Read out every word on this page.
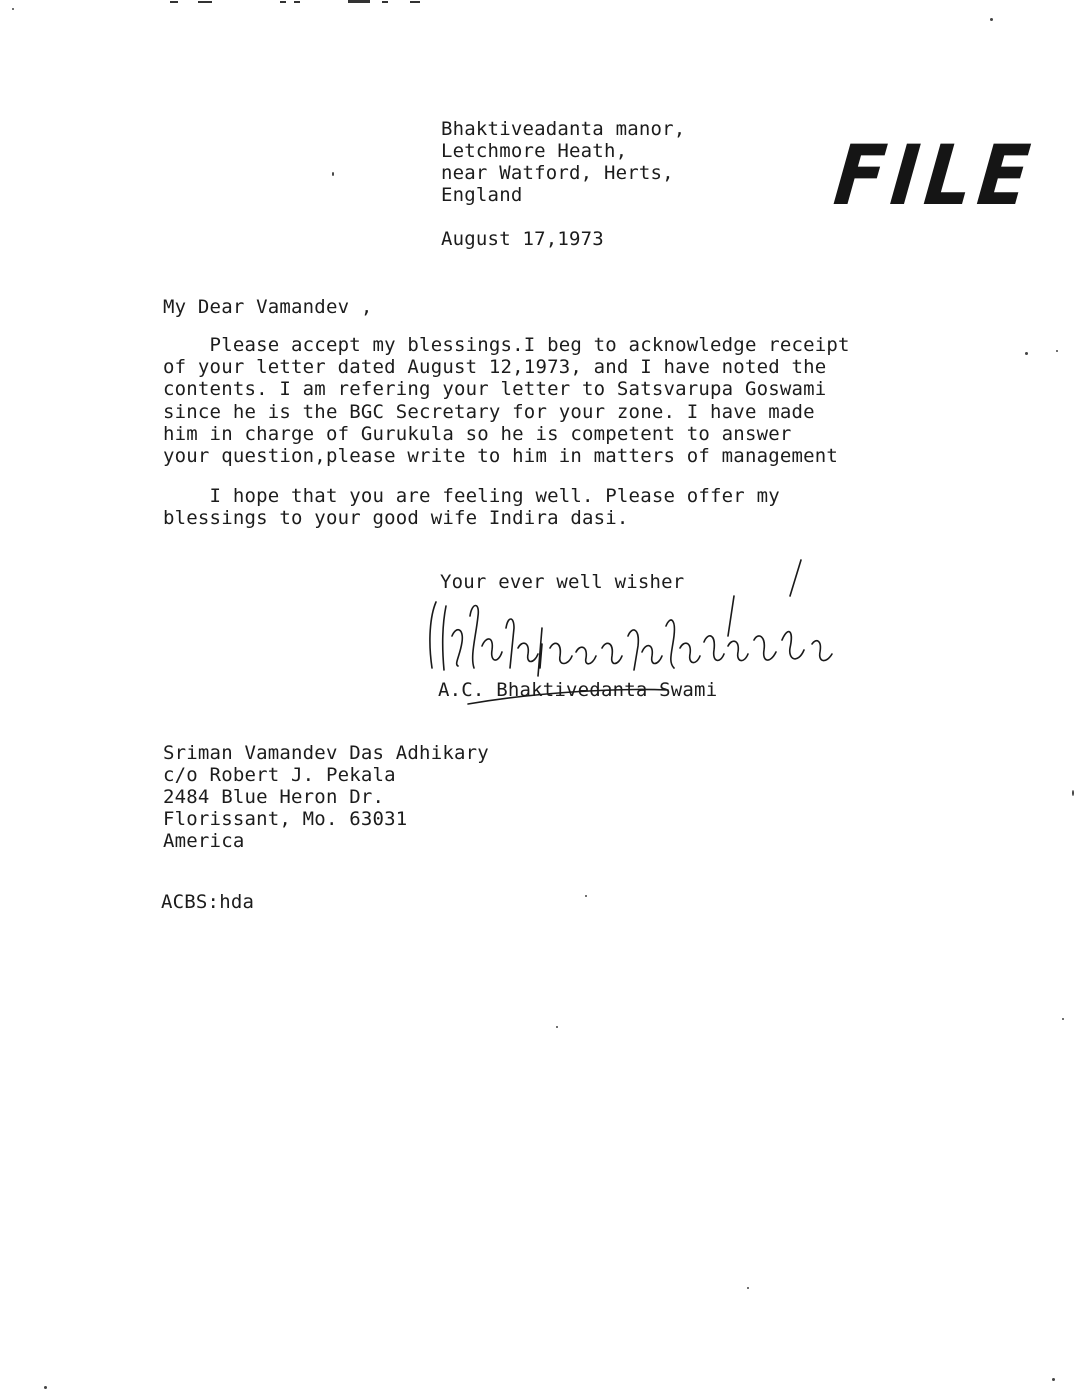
FILE
Bhaktiveadanta manor,
Letchmore Heath,
near Watford, Herts,
England
August 17,1973
My Dear Vamandev ,
Please accept my blessings.I beg to acknowledge receipt
of your letter dated August 12,1973, and I have noted the
contents. I am refering your letter to Satsvarupa Goswami
since he is the BGC Secretary for your zone. I have made
him in charge of Gurukula so he is competent to answer
your question,please write to him in matters of management
I hope that you are feeling well. Please offer my
blessings to your good wife Indira dasi.
Your ever well wisher
A.C. Bhaktivedanta Swami
Sriman Vamandev Das Adhikary
c/o Robert J. Pekala
2484 Blue Heron Dr.
Florissant, Mo. 63031
America
ACBS:hda
